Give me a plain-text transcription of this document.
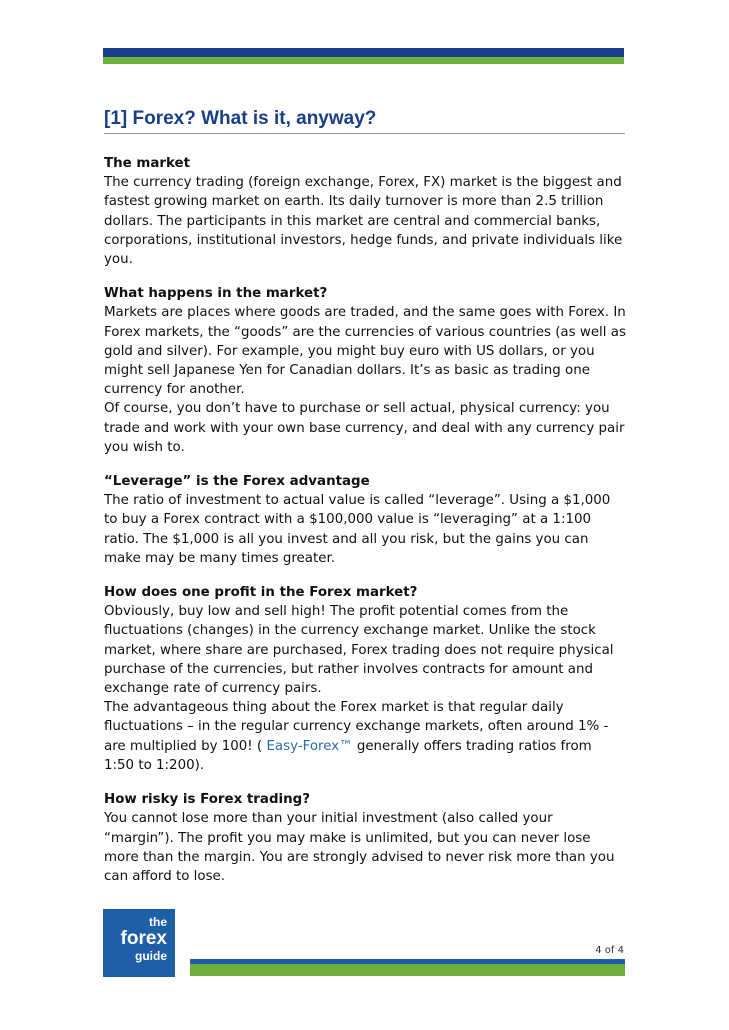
[1] Forex? What is it, anyway?
The market

The currency trading (foreign exchange, Forex, FX) market is the biggest and fastest growing market on earth. Its daily turnover is more than 2.5 trillion dollars. The participants in this market are central and commercial banks, corporations, institutional investors, hedge funds, and private individuals like you.

What happens in the market?

Markets are places where goods are traded, and the same goes with Forex. In Forex markets, the “goods” are the currencies of various countries (as well as gold and silver). For example, you might buy euro with US dollars, or you might sell Japanese Yen for Canadian dollars. It’s as basic as trading one currency for another.

Of course, you don’t have to purchase or sell actual, physical currency: you trade and work with your own base currency, and deal with any currency pair you wish to.

“Leverage” is the Forex advantage

The ratio of investment to actual value is called “leverage”. Using a $1,000 to buy a Forex contract with a $100,000 value is “leveraging” at a 1:100 ratio. The $1,000 is all you invest and all you risk, but the gains you can make may be many times greater.

How does one profit in the Forex market?

Obviously, buy low and sell high! The profit potential comes from the fluctuations (changes) in the currency exchange market. Unlike the stock market, where share are purchased, Forex trading does not require physical purchase of the currencies, but rather involves contracts for amount and exchange rate of currency pairs.

The advantageous thing about the Forex market is that regular daily fluctuations – in the regular currency exchange markets, often around 1% - are multiplied by 100! ( Easy-Forex™ generally offers trading ratios from 1:50 to 1:200).

How risky is Forex trading?

You cannot lose more than your initial investment (also called your “margin”). The profit you may make is unlimited, but you can never lose more than the margin. You are strongly advised to never risk more than you can afford to lose.

the
forex
guide	4 of 4
